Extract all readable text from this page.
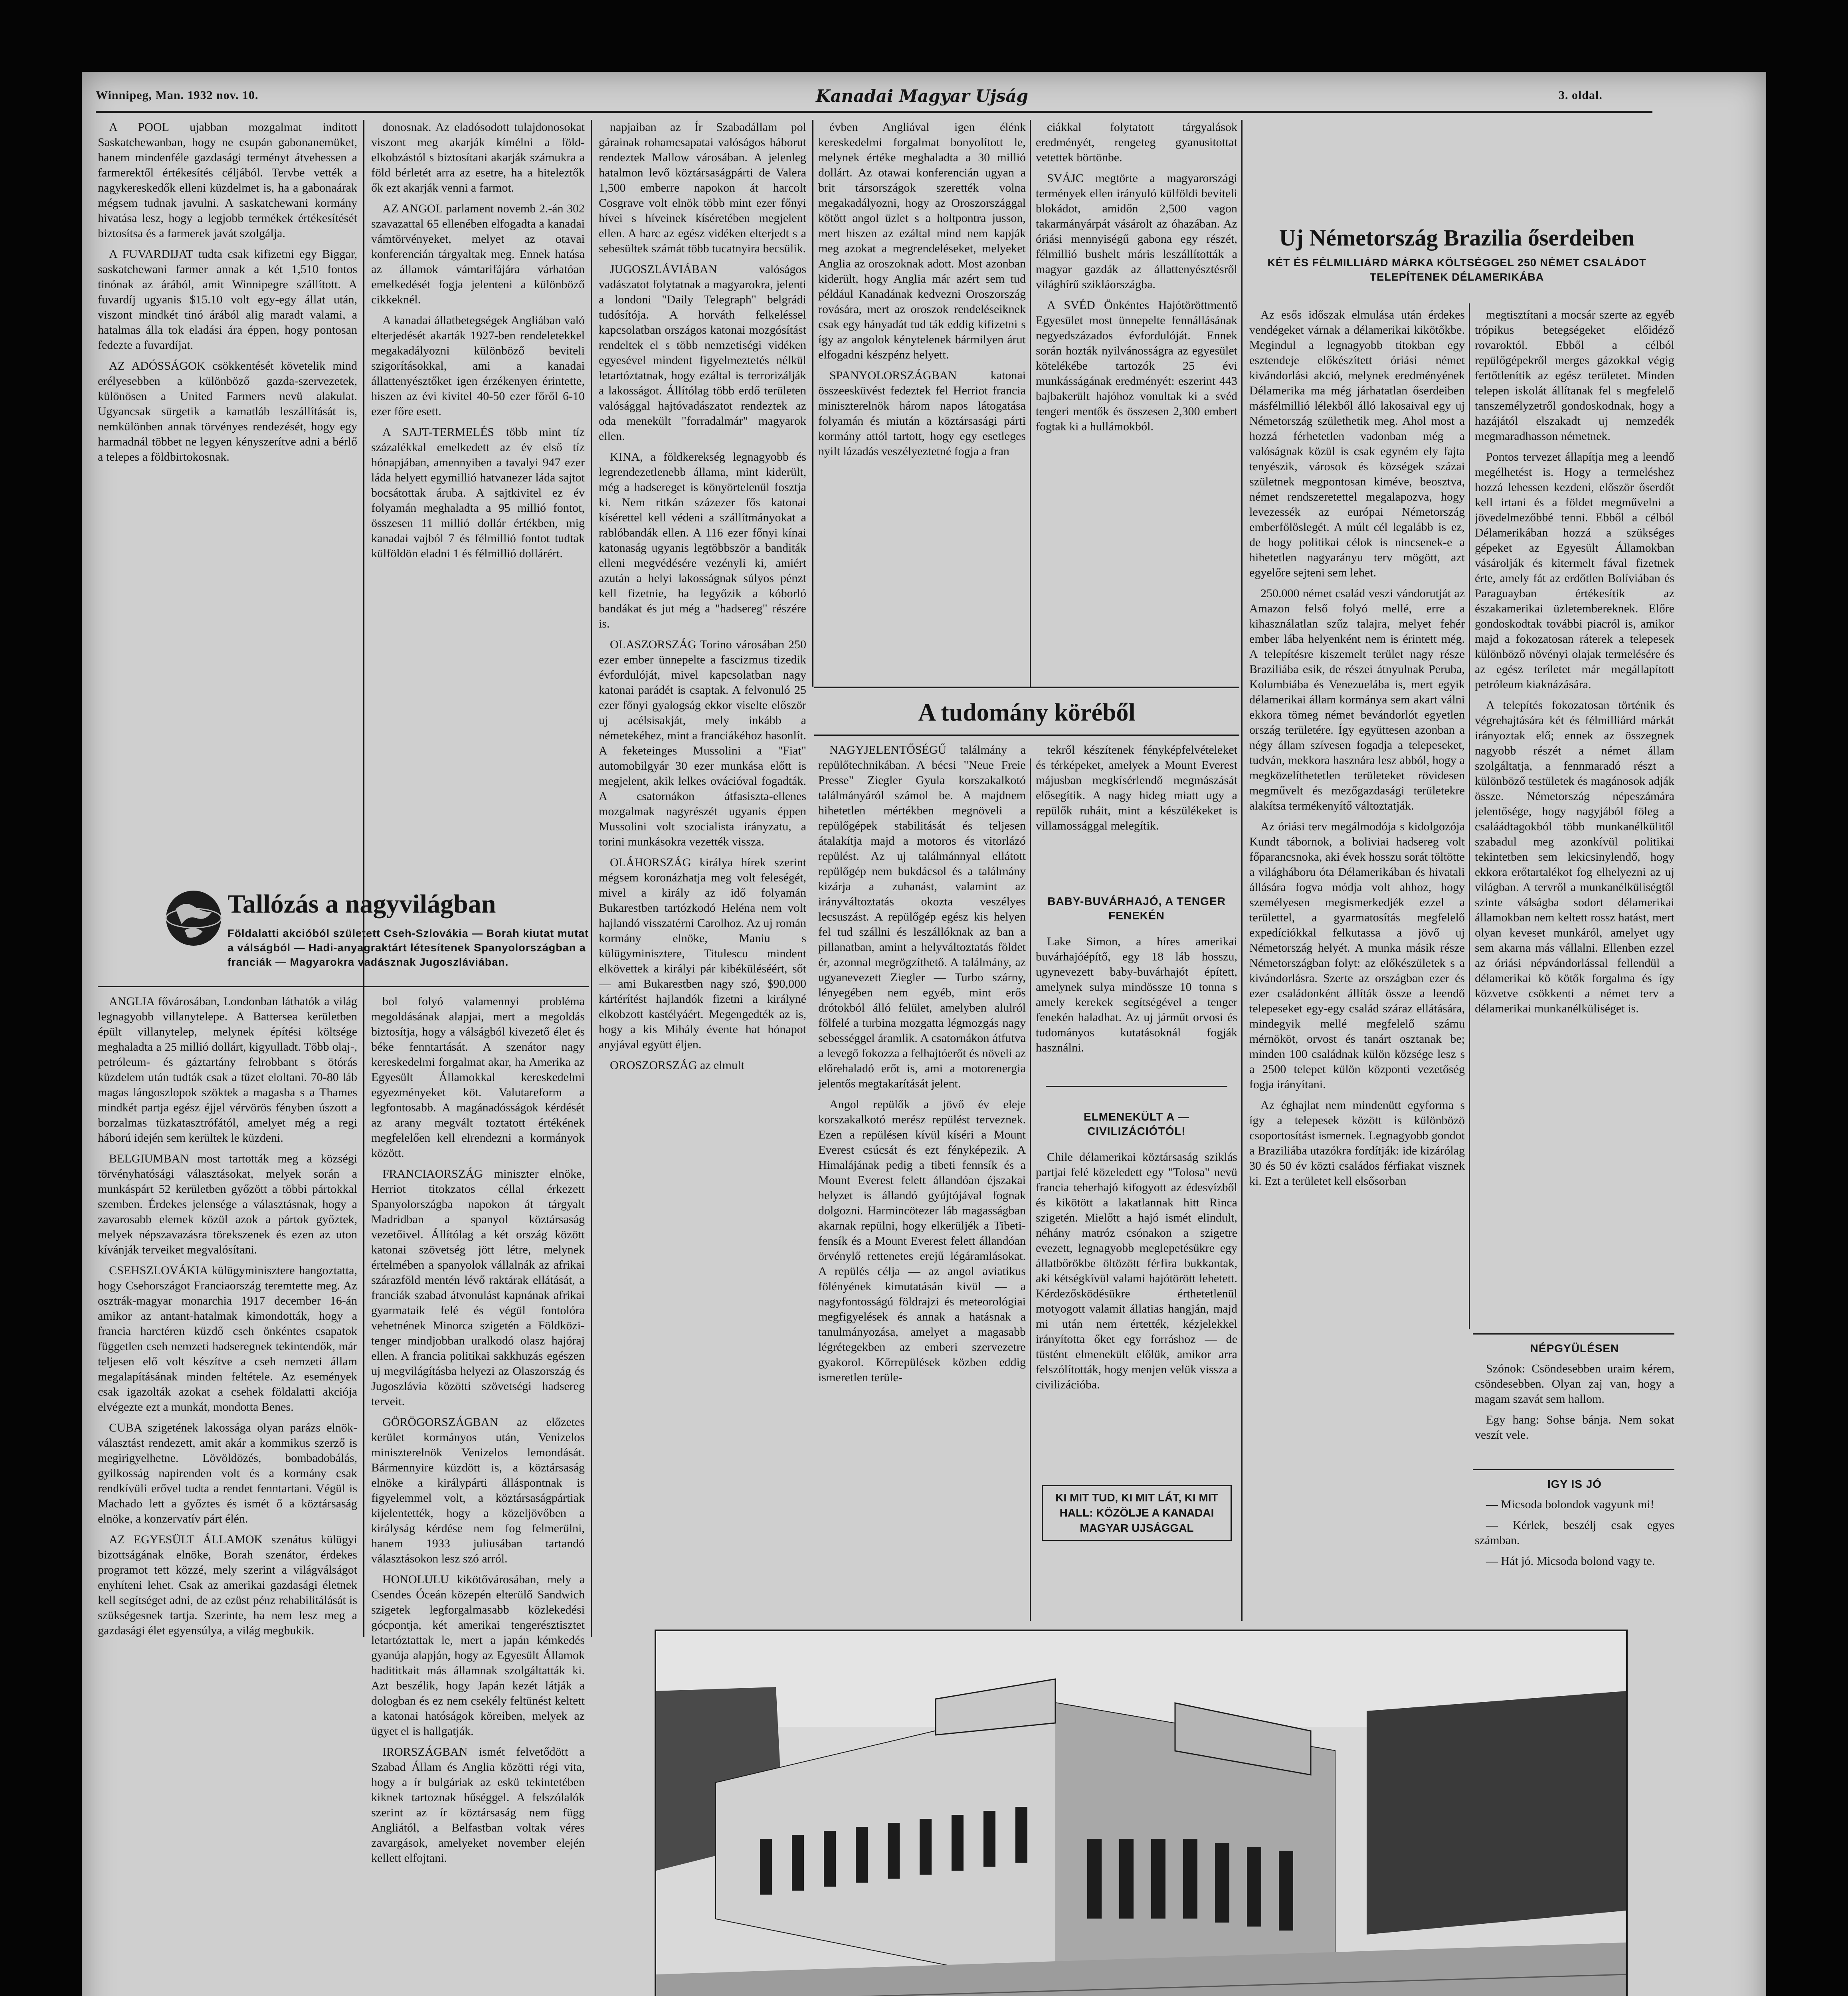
Winnipeg, Man. 1932 nov. 10.	Kanadai Magyar Ujság	3. oldal.

A POOL ujabban mozgalmat inditott Saskatchewanban, hogy ne csupán gabonanemüket, hanem mindenféle gazdasági terményt átvehessen a farmerektől értékesítés céljából. Tervbe vették a nagykereskedők elleni küzdelmet is, ha a gabonaárak mégsem tudnak javulni. A saskatchewani kormány hivatása lesz, hogy a legjobb termékek értékesítését biztosítsa és a farmerek javát szolgálja.

A FUVARDIJAT tudta csak kifizetni egy Biggar, saskatchewani farmer annak a két 1,510 fontos tinónak az árából, amit Winnipegre szállított. A fuvardíj ugyanis $15.10 volt egy-egy állat után, viszont mindkét tinó árából alig maradt valami, a hatalmas álla tok eladási ára éppen, hogy pontosan fedezte a fuvardíjat.

AZ ADÓSSÁGOK csökkentését követelik mind erélyesebben a különböző gazda-szervezetek, különösen a United Farmers nevü alakulat. Ugyancsak sürgetik a kamatláb leszállítását is, nemkülönben annak törvényes rendezését, hogy egy harmadnál többet ne legyen kényszerítve adni a bérlő a telepes a földbirtokosnak.

Tallózás a nagyvilágban
Földalatti akcióból született Cseh-Szlovákia — Borah kiutat mutat a válságból — Hadi-anyagraktárt létesítenek Spanyolországban a franciák — Magyarokra vadásznak Jugoszláviában.

ANGLIA fővárosában, Londonban láthatók a világ legnagyobb villanytelepe. A Battersea kerületben épült villanytelep, melynek építési költsége meghaladta a 25 millió dollárt, kigyulladt. Több olaj-, petróleum- és gáztartány felrobbant s ötórás küzdelem után tudták csak a tüzet eloltani. 70-80 láb magas lángoszlopok szöktek a magasba s a Thames mindkét partja egész éjjel vérvörös fényben úszott a borzalmas tüzkatasztrófától, amelyet még a regi háború idején sem kerültek le küzdeni.

BELGIUMBAN most tartották meg a községi törvényhatósági választásokat, melyek során a munkáspárt 52 kerületben győzött a többi pártokkal szemben. Érdekes jelensége a választásnak, hogy a zavarosabb elemek közül azok a pártok győztek, melyek népszavazásra törekszenek és ezen az uton kívánják terveiket megvalósítani.

CSEHSZLOVÁKIA külügyminisztere hangoztatta, hogy Csehországot Franciaország teremtette meg. Az osztrák-magyar monarchia 1917 december 16-án amikor az antant-hatalmak kimondották, hogy a francia harctéren küzdő cseh önkéntes csapatok független cseh nemzeti hadseregnek tekintendők, már teljesen elő volt készítve a cseh nemzeti állam megalapításának minden feltétele. Az események csak igazolták azokat a csehek földalatti akciója elvégezte ezt a munkát, mondotta Benes.

CUBA szigetének lakossága olyan parázs elnök-választást rendezett, amit akár a kommikus szerző is megirigyelhetne. Lövöldözés, bombadobálás, gyilkosság napirenden volt és a kormány csak rendkívüli erővel tudta a rendet fenntartani. Végül is Machado lett a győztes és ismét ő a köztársaság elnöke, a konzervatív párt élén.

AZ EGYESÜLT ÁLLAMOK szenátus külügyi bizottságának elnöke, Borah szenátor, érdekes programot tett közzé, mely szerint a világválságot enyhíteni lehet. Csak az amerikai gazdasági életnek kell segítséget adni, de az ezüst pénz rehabilitálását is szükségesnek tartja. Szerinte, ha nem lesz meg a gazdasági élet egyensúlya, a világ megbukik.

donosnak. Az eladósodott tulajdonosokat viszont meg akarják kímélni a föld-elkobzástól s biztosítani akarják számukra a föld bérletét arra az esetre, ha a hiteleztők ők ezt akarják venni a farmot.

AZ ANGOL parlament novemb 2.-án 302 szavazattal 65 ellenében elfogadta a kanadai vámtörvényeket, melyet az otavai konferencián tárgyaltak meg. Ennek hatása az államok vámtarifájára várhatóan emelkedését fogja jelenteni a különböző cikkeknél.

A kanadai állatbetegségek Angliában való elterjedését akarták 1927-ben rendeletekkel megakadályozni különböző beviteli szigorításokkal, ami a kanadai állattenyésztőket igen érzékenyen érintette, hiszen az évi kivitel 40-50 ezer főről 6-10 ezer főre esett.

A SAJT-TERMELÉS több mint tíz százalékkal emelkedett az év első tíz hónapjában, amennyiben a tavalyi 947 ezer láda helyett egymillió hatvanezer láda sajtot bocsátottak áruba. A sajtkivitel ez év folyamán meghaladta a 95 millió fontot, összesen 11 millió dollár értékben, mig kanadai vajból 7 és félmillió fontot tudtak külföldön eladni 1 és félmillió dollárért.

bol folyó valamennyi probléma megoldásának alapjai, mert a megoldás biztosítja, hogy a válságból kivezető élet és béke fenntartását. A szenátor nagy kereskedelmi forgalmat akar, ha Amerika az Egyesült Államokkal kereskedelmi egyezményeket köt. Valutareform a legfontosabb. A magánadósságok kérdését az arany megvált toztatott értékének megfelelően kell elrendezni a kormányok között.

FRANCIAORSZÁG miniszter elnöke, Herriot titokzatos céllal érkezett Spanyolországba napokon át tárgyalt Madridban a spanyol köztársaság vezetőivel. Állítólag a két ország között katonai szövetség jött létre, melynek értelmében a spanyolok vállalnák az afrikai szárazföld mentén lévő raktárak ellátását, a franciák szabad átvonulást kapnának afrikai gyarmataik felé és végül fontolóra vehetnének Minorca szigetén a Földközi-tenger mindjobban uralkodó olasz hajóraj ellen. A francia politikai sakkhuzás egészen uj megvilágításba helyezi az Olaszország és Jugoszlávia közötti szövetségi hadsereg terveit.

GÖRÖGORSZÁGBAN az előzetes kerület kormányos után, Venizelos miniszterelnök Venizelos lemondását. Bármennyire küzdött is, a köztársaság elnöke a királypárti álláspontnak is figyelemmel volt, a köztársaságpártiak kijelentették, hogy a közeljövőben a királyság kérdése nem fog felmerülni, hanem 1933 juliusában tartandó választásokon lesz szó arról.

HONOLULU kikötővárosában, mely a Csendes Óceán közepén elterülő Sandwich szigetek legforgalmasabb közlekedési gócpontja, két amerikai tengerésztisztet letartóztattak le, mert a japán kémkedés gyanúja alapján, hogy az Egyesült Államok hadititkait más államnak szolgáltatták ki. Azt beszélik, hogy Japán kezét látják a dologban és ez nem csekély feltünést keltett a katonai hatóságok köreiben, melyek az ügyet el is hallgatják.

IRORSZÁGBAN ismét felvetődött a Szabad Állam és Anglia közötti régi vita, hogy a ír bulgáriak az eskü tekintetében kiknek tartoznak hűséggel. A felszólalók szerint az ír köztársaság nem függ Angliától, a Belfastban voltak véres zavargások, amelyeket november elején kellett elfojtani.

napjaiban az Ír Szabadállam pol gárainak rohamcsapatai valóságos háborut rendeztek Mallow városában. A jelenleg hatalmon levő köztársaságpárti de Valera 1,500 emberre napokon át harcolt Cosgrave volt elnök több mint ezer főnyi hívei s híveinek kíséretében megjelent ellen. A harc az egész vidéken elterjedt s a sebesültek számát több tucatnyira becsülik.

JUGOSZLÁVIÁBAN valóságos vadászatot folytatnak a magyarokra, jelenti a londoni "Daily Telegraph" belgrádi tudósítója. A horváth felkeléssel kapcsolatban országos katonai mozgósítást rendeltek el s több nemzetiségi vidéken egyesével mindent figyelmeztetés nélkül letartóztatnak, hogy ezáltal is terrorizálják a lakosságot. Állítólag több erdő területen valósággal hajtóvadászatot rendeztek az oda menekült "forradalmár" magyarok ellen.

KINA, a földkerekség legnagyobb és legrendezetlenebb állama, mint kiderült, még a hadsereget is könyörtelenül fosztja ki. Nem ritkán százezer fős katonai kísérettel kell védeni a szállítmányokat a rablóbandák ellen. A 116 ezer főnyi kínai katonaság ugyanis legtöbbször a banditák elleni megvédésére vezényli ki, amiért azután a helyi lakosságnak súlyos pénzt kell fizetnie, ha legyőzik a kóborló bandákat és jut még a "hadsereg" részére is.

OLASZORSZÁG Torino városában 250 ezer ember ünnepelte a fascizmus tizedik évfordulóját, mivel kapcsolatban nagy katonai parádét is csaptak. A felvonuló 25 ezer főnyi gyalogság ekkor viselte először uj acélsisakját, mely inkább a németekéhez, mint a franciákéhoz hasonlít. A feketeinges Mussolini a "Fiat" automobilgyár 30 ezer munkása előtt is megjelent, akik lelkes ovációval fogadták. A csatornákon átfasiszta-ellenes mozgalmak nagyrészét ugyanis éppen Mussolini volt szocialista irányzatu, a torini munkásokra vezették vissza.

OLÁHORSZÁG királya hírek szerint mégsem koronázhatja meg volt feleségét, mivel a király az idő folyamán Bukarestben tartózkodó Heléna nem volt hajlandó visszatérni Carolhoz. Az uj román kormány elnöke, Maniu s külügyminisztere, Titulescu mindent elkövettek a királyi pár kibéküléséért, sőt — ami Bukarestben nagy szó, $90,000 kártérítést hajlandók fizetni a királyné elkobzott kastélyáért. Megengedték az is, hogy a kis Mihály évente hat hónapot anyjával együtt éljen.

OROSZORSZÁG az elmult

évben Angliával igen élénk kereskedelmi forgalmat bonyolított le, melynek értéke meghaladta a 30 millió dollárt. Az otawai konferencián ugyan a brit társországok szerették volna megakadályozni, hogy az Oroszországgal kötött angol üzlet s a holtpontra jusson, mert hiszen az ezáltal mind nem kapják meg azokat a megrendeléseket, melyeket Anglia az oroszoknak adott. Most azonban kiderült, hogy Anglia már azért sem tud például Kanadának kedvezni Oroszország rovására, mert az oroszok rendeléseiknek csak egy hányadát tud ták eddig kifizetni s így az angolok kénytelenek bármilyen árut elfogadni készpénz helyett.

SPANYOLORSZÁGBAN katonai összeesküvést fedeztek fel Herriot francia miniszterelnök három napos látogatása folyamán és miután a köztársasági párti kormány attól tartott, hogy egy esetleges nyilt lázadás veszélyeztetné fogja a fran

ciákkal folytatott tárgyalások eredményét, rengeteg gyanusitottat vetettek börtönbe.

SVÁJC megtörte a magyarországi termények ellen irányuló külföldi beviteli blokádot, amidőn 2,500 vagon takarmányárpát vásárolt az óhazában. Az óriási mennyiségű gabona egy részét, félmillió bushelt máris leszállították a magyar gazdák az állattenyésztésről világhírű szikláországba.

A SVÉD Önkéntes Hajótöröttmentő Egyesület most ünnepelte fennállásának negyedszázados évfordulóját. Ennek során hozták nyilvánosságra az egyesület kötelékébe tartozók 25 évi munkásságának eredményét: eszerint 443 bajbakerült hajóhoz vonultak ki a svéd tengeri mentők és összesen 2,300 embert fogtak ki a hullámokból.

A tudomány köréből

NAGYJELENTŐSÉGŰ találmány a repülőtechnikában. A bécsi "Neue Freie Presse" Ziegler Gyula korszakalkotó találmányáról számol be. A majdnem hihetetlen mértékben megnöveli a repülőgépek stabilitását és teljesen átalakítja majd a motoros és vitorlázó repülést. Az uj találmánnyal ellátott repülőgép nem bukdácsol és a találmány kizárja a zuhanást, valamint az irányváltoztatás okozta veszélyes lecsuszást. A repülőgép egész kis helyen fel tud szállni és leszállóknak az ban a pillanatban, amint a helyváltoztatás földet ér, azonnal megrögzíthető. A találmány, az ugyanevezett Ziegler — Turbo szárny, lényegében nem egyéb, mint erős drótokból álló felület, amelyben alulról fölfelé a turbina mozgatta légmozgás nagy sebességgel áramlik. A csatornákon átfutva a levegő fokozza a felhajtóerőt és növeli az előrehaladó erőt is, ami a motorenergia jelentős megtakarítását jelent.

Angol repülők a jövő év eleje korszakalkotó merész repülést terveznek. Ezen a repülésen kívül kíséri a Mount Everest csúcsát és ezt fényképezik. A Himalájának pedig a tibeti fennsík és a Mount Everest felett állandóan éjszakai helyzet is állandó gyújtójával fognak dolgozni. Harmincötezer láb magasságban akarnak repülni, hogy elkerüljék a Tibeti-fensík és a Mount Everest felett állandóan örvénylő rettenetes erejű légáramlásokat. A repülés célja — az angol aviatikus fölényének kimutatásán kivül — a nagyfontosságú földrajzi és meteorológiai megfigyelések és annak a hatásnak a tanulmányozása, amelyet a magasabb légrétegekben az emberi szervezetre gyakorol. Kőrrepülések közben eddig ismeretlen terüle-

tekről készítenek fényképfelvételeket és térképeket, amelyek a Mount Everest májusban megkísérlendő megmászását elősegítik. A nagy hideg miatt ugy a repülők ruháit, mint a készülékeket is villamossággal melegítik.

BABY-BUVÁRHAJÓ, A TENGER FENEKÉN

Lake Simon, a híres amerikai buvárhajóépítő, egy 18 láb hosszu, ugynevezett baby-buvárhajót épített, amelynek sulya mindössze 10 tonna s amely kerekek segítségével a tenger fenekén haladhat. Az uj járműt orvosi és tudományos kutatásoknál fogják használni.

ELMENEKÜLT A — CIVILIZÁCIÓTÓL!

Chile délamerikai köztársaság sziklás partjai felé közeledett egy "Tolosa" nevü francia teherhajó kifogyott az édesvízből és kikötött a lakatlannak hitt Rinca szigetén. Mielőtt a hajó ismét elindult, néhány matróz csónakon a szigetre evezett, legnagyobb meglepetésükre egy állatbőrökbe öltözött férfira bukkantak, aki kétségkívül valami hajótörött lehetett. Kérdezősködésükre érthetetlenül motyogott valamit állatias hangján, majd mi után nem értették, kézjelekkel irányította őket egy forráshoz — de tüstént elmenekült előlük, amikor arra felszólították, hogy menjen velük vissza a civilizációba.

KI MIT TUD, KI MIT LÁT, KI MIT HALL: KÖZÖLJE A KANADAI MAGYAR UJSÁGGAL
Uj Németország Brazilia őserdeiben
KÉT ÉS FÉLMILLIÁRD MÁRKA KÖLTSÉGGEL 250 NÉMET CSALÁDOT TELEPÍTENEK DÉLAMERIKÁBA

Az esős időszak elmulása után érdekes vendégeket várnak a délamerikai kikötőkbe. Megindul a legnagyobb titokban egy esztendeje előkészített óriási német kivándorlási akció, melynek eredményének Délamerika ma még járhatatlan őserdeiben másfélmillió lélekből álló lakosaival egy uj Németország születhetik meg. Ahol most a hozzá férhetetlen vadonban még a valóságnak közül is csak egyném ely fajta tenyészik, városok és községek százai születnek megpontosan kiméve, beosztva, német rendszeretettel megalapozva, hogy levezessék az európai Németország emberfölöslegét. A múlt cél legalább is ez, de hogy politikai célok is nincsenek-e a hihetetlen nagyarányu terv mögött, azt egyelőre sejteni sem lehet.

250.000 német család veszi vándorutját az Amazon felső folyó mellé, erre a kihasználatlan szűz talajra, melyet fehér ember lába helyenként nem is érintett még. A telepítésre kiszemelt terület nagy része Braziliába esik, de részei átnyulnak Peruba, Kolumbiába és Venezuelába is, mert egyik délamerikai állam kormánya sem akart válni ekkora tömeg német bevándorlót egyetlen ország területére. Így együttesen azonban a négy állam szívesen fogadja a telepeseket, tudván, mekkora hasznára lesz abból, hogy a megközelíthetetlen területeket rövidesen megművelt és mezőgazdasági területekre alakítsa termékenyítő változtatják.

Az óriási terv megálmodója s kidolgozója Kundt tábornok, a boliviai hadsereg volt főparancsnoka, aki évek hosszu sorát töltötte a világháboru óta Délamerikában és hivatali állására fogva módja volt ahhoz, hogy személyesen megismerkedjék ezzel a területtel, a gyarmatosítás megfelelő expedíciókkal felkutassa a jövő uj Németország helyét. A munka másik része Németországban folyt: az előkészületek s a kivándorlásra. Szerte az országban ezer és ezer családonként állíták össze a leendő telepeseket egy-egy család száraz ellátására, mindegyik mellé megfelelő számu mérnököt, orvost és tanárt osztanak be; minden 100 családnak külön községe lesz s a 2500 telepet külön központi vezetőség fogja irányítani.

Az éghajlat nem mindenütt egyforma s így a telepesek között is különbözö csoportosítást ismernek. Legnagyobb gondot a Braziliába utazókra fordítják: ide kizárólag 30 és 50 év közti családos férfiakat visznek ki. Ezt a területet kell elsősorban

megtisztítani a mocsár szerte az egyéb trópikus betegségeket előidéző rovaroktól. Ebből a célból repülőgépekről merges gázokkal végig fertőtlenítik az egész területet. Minden telepen iskolát állítanak fel s megfelelő tanszemélyzetről gondoskodnak, hogy a hazájától elszakadt uj nemzedék megmaradhasson németnek.

Pontos tervezet állapítja meg a leendő megélhetést is. Hogy a termeléshez hozzá lehessen kezdeni, először őserdőt kell irtani és a földet megművelni a jövedelmezőbbé tenni. Ebből a célból Délamerikában hozzá a szükséges gépeket az Egyesült Államokban vásárolják és kitermelt fával fizetnek érte, amely fát az erdőtlen Bolíviában és Paraguayban értékesítik az északamerikai üzletembereknek. Előre gondoskodtak további piacról is, amikor majd a fokozatosan ráterek a telepesek különböző növényi olajak termelésére és az egész teríletet már megállapított petróleum kiaknázására.

A telepítés fokozatosan történik és végrehajtására két és félmilliárd márkát irányoztak elő; ennek az összegnek nagyobb részét a német állam szolgáltatja, a fennmaradó részt a különböző testületek és magánosok adják össze. Németország népeszámára jelentősége, hogy nagyjából föleg a csaláádtagokból több munkanélkülitől szabadul meg azonkívül politikai tekintetben sem lekicsinylendő, hogy ekkora erőtartalékot fog elhelyezni az uj világban. A tervről a munkanélküliségtől szinte válságba sodort délamerikai államokban nem keltett rossz hatást, mert olyan keveset munkáról, amelyet ugy sem akarna más vállalni. Ellenben ezzel az óriási népvándorlással fellendül a délamerikai kö kötők forgalma és így közvetve csökkenti a német terv a délamerikai munkanélküliséget is.

NÉPGYÜLÉSEN

Szónok: Csöndesebben uraim kérem, csöndesebben. Olyan zaj van, hogy a magam szavát sem hallom.

Egy hang: Sohse bánja. Nem sokat veszít vele.

IGY IS JÓ

— Micsoda bolondok vagyunk mi!

— Kérlek, beszélj csak egyes számban.

— Hát jó. Micsoda bolond vagy te.
